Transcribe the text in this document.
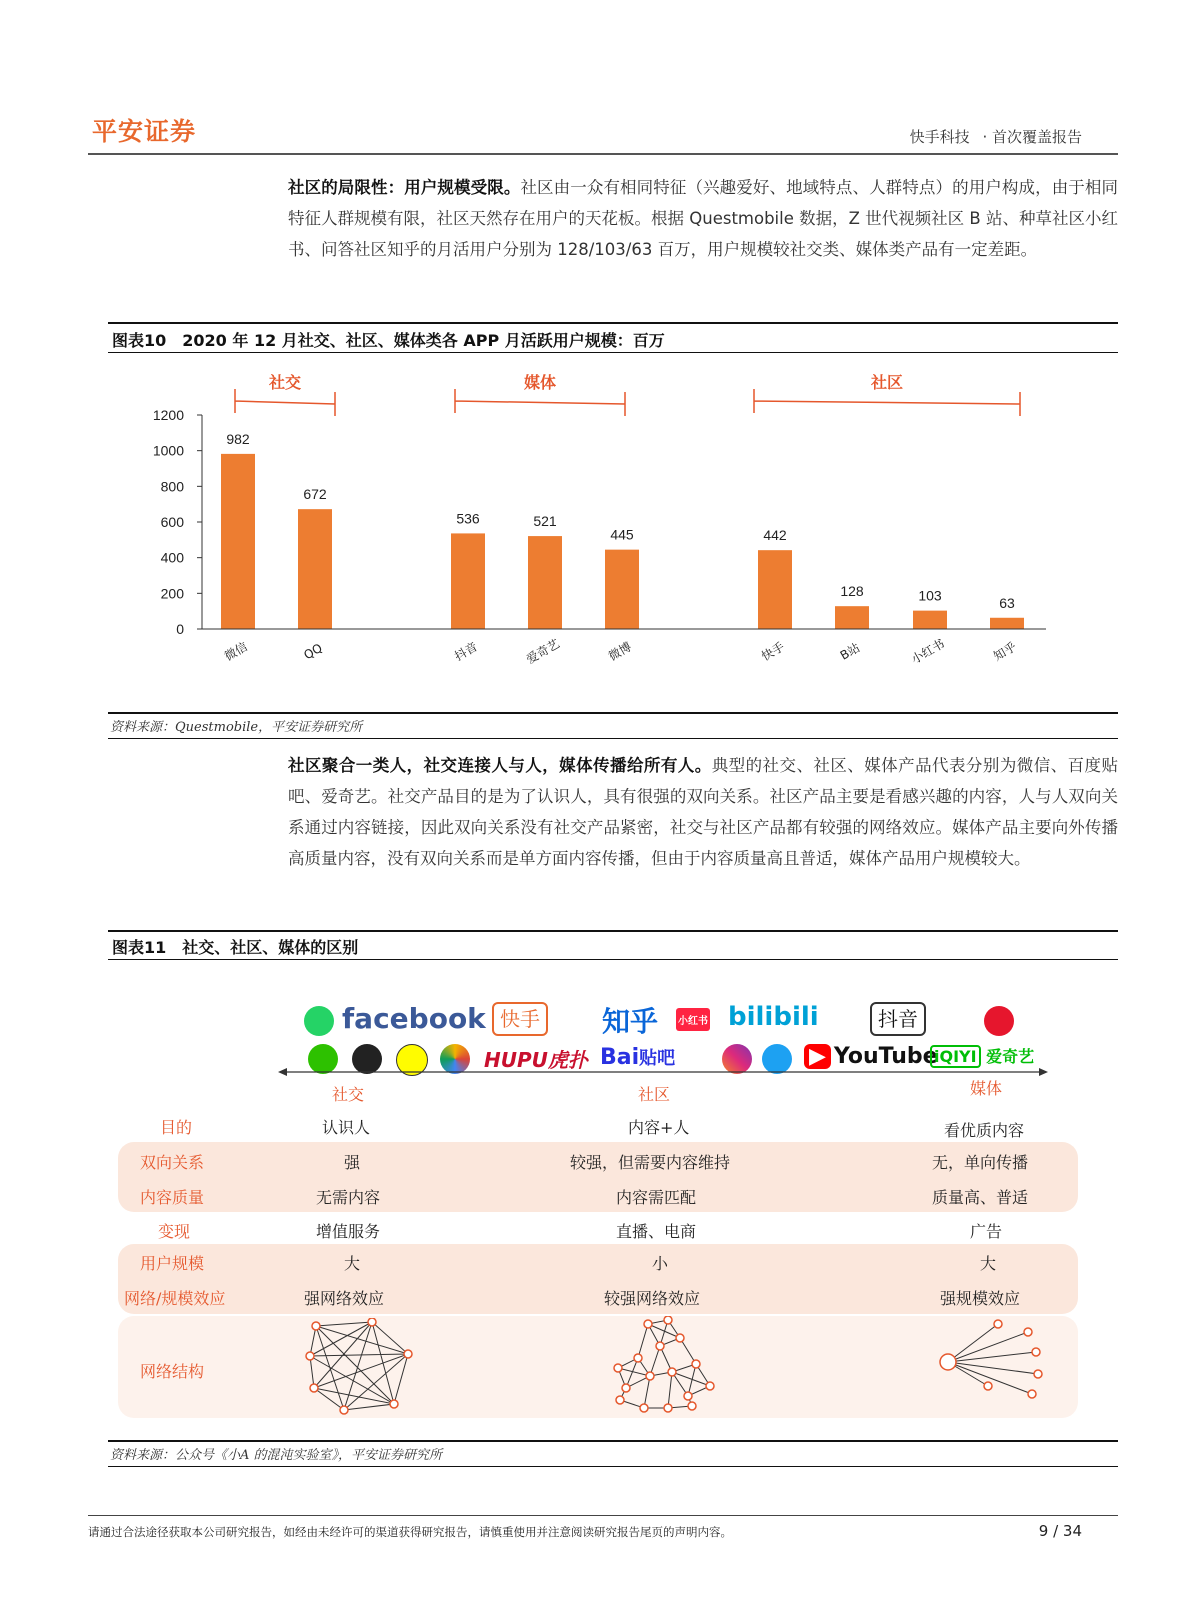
平安证券	快手科技 · 首次覆盖报告
社区的局限性：用户规模受限。社区由一众有相同特征（兴趣爱好、地域特点、人群特点）的用户构成，由于相同特征人群规模有限，社区天然存在用户的天花板。根据 Questmobile 数据，Z 世代视频社区 B 站、种草社区小红书、问答社区知乎的月活用户分别为 128/103/63 百万，用户规模较社交类、媒体类产品有一定差距。
图表10 2020 年 12 月社交、社区、媒体类各 APP 月活跃用户规模：百万
982
672
536	521
445	442
128	103	63
0
200
400
600
800
1000
1200
微信	QQ	抖音	爱奇艺	微博	快手	B站	小红书	知乎
社交	媒体	社区
资料来源：Questmobile，平安证券研究所
社区聚合一类人，社交连接人与人，媒体传播给所有人。典型的社交、社区、媒体产品代表分别为微信、百度贴吧、爱奇艺。社交产品目的是为了认识人，具有很强的双向关系。社区产品主要是看感兴趣的内容，人与人双向关系通过内容链接，因此双向关系没有社交产品紧密，社交与社区产品都有较强的网络效应。媒体产品主要向外传播高质量内容，没有双向关系而是单方面内容传播，但由于内容质量高且普适，媒体产品用户规模较大。
图表11 社交、社区、媒体的区别
facebook 快手 知乎 小红书 bilibili	抖音
HUPU虎扑 Bai贴吧	▶ YouTube
iQIYI 爱奇艺
社交	社区	媒体
目的	认识人	内容+人	看优质内容
双向关系	强	较强，但需要内容维持	无，单向传播
内容质量	无需内容	内容需匹配	质量高、普适
变现	增值服务	直播、电商	广告
用户规模	大	小	大
网络/规模效应	强网络效应	较强网络效应	强规模效应
网络结构
资料来源：公众号《小A 的混沌实验室》，平安证券研究所
请通过合法途径获取本公司研究报告，如经由未经许可的渠道获得研究报告，请慎重使用并注意阅读研究报告尾页的声明内容。	9 / 34
